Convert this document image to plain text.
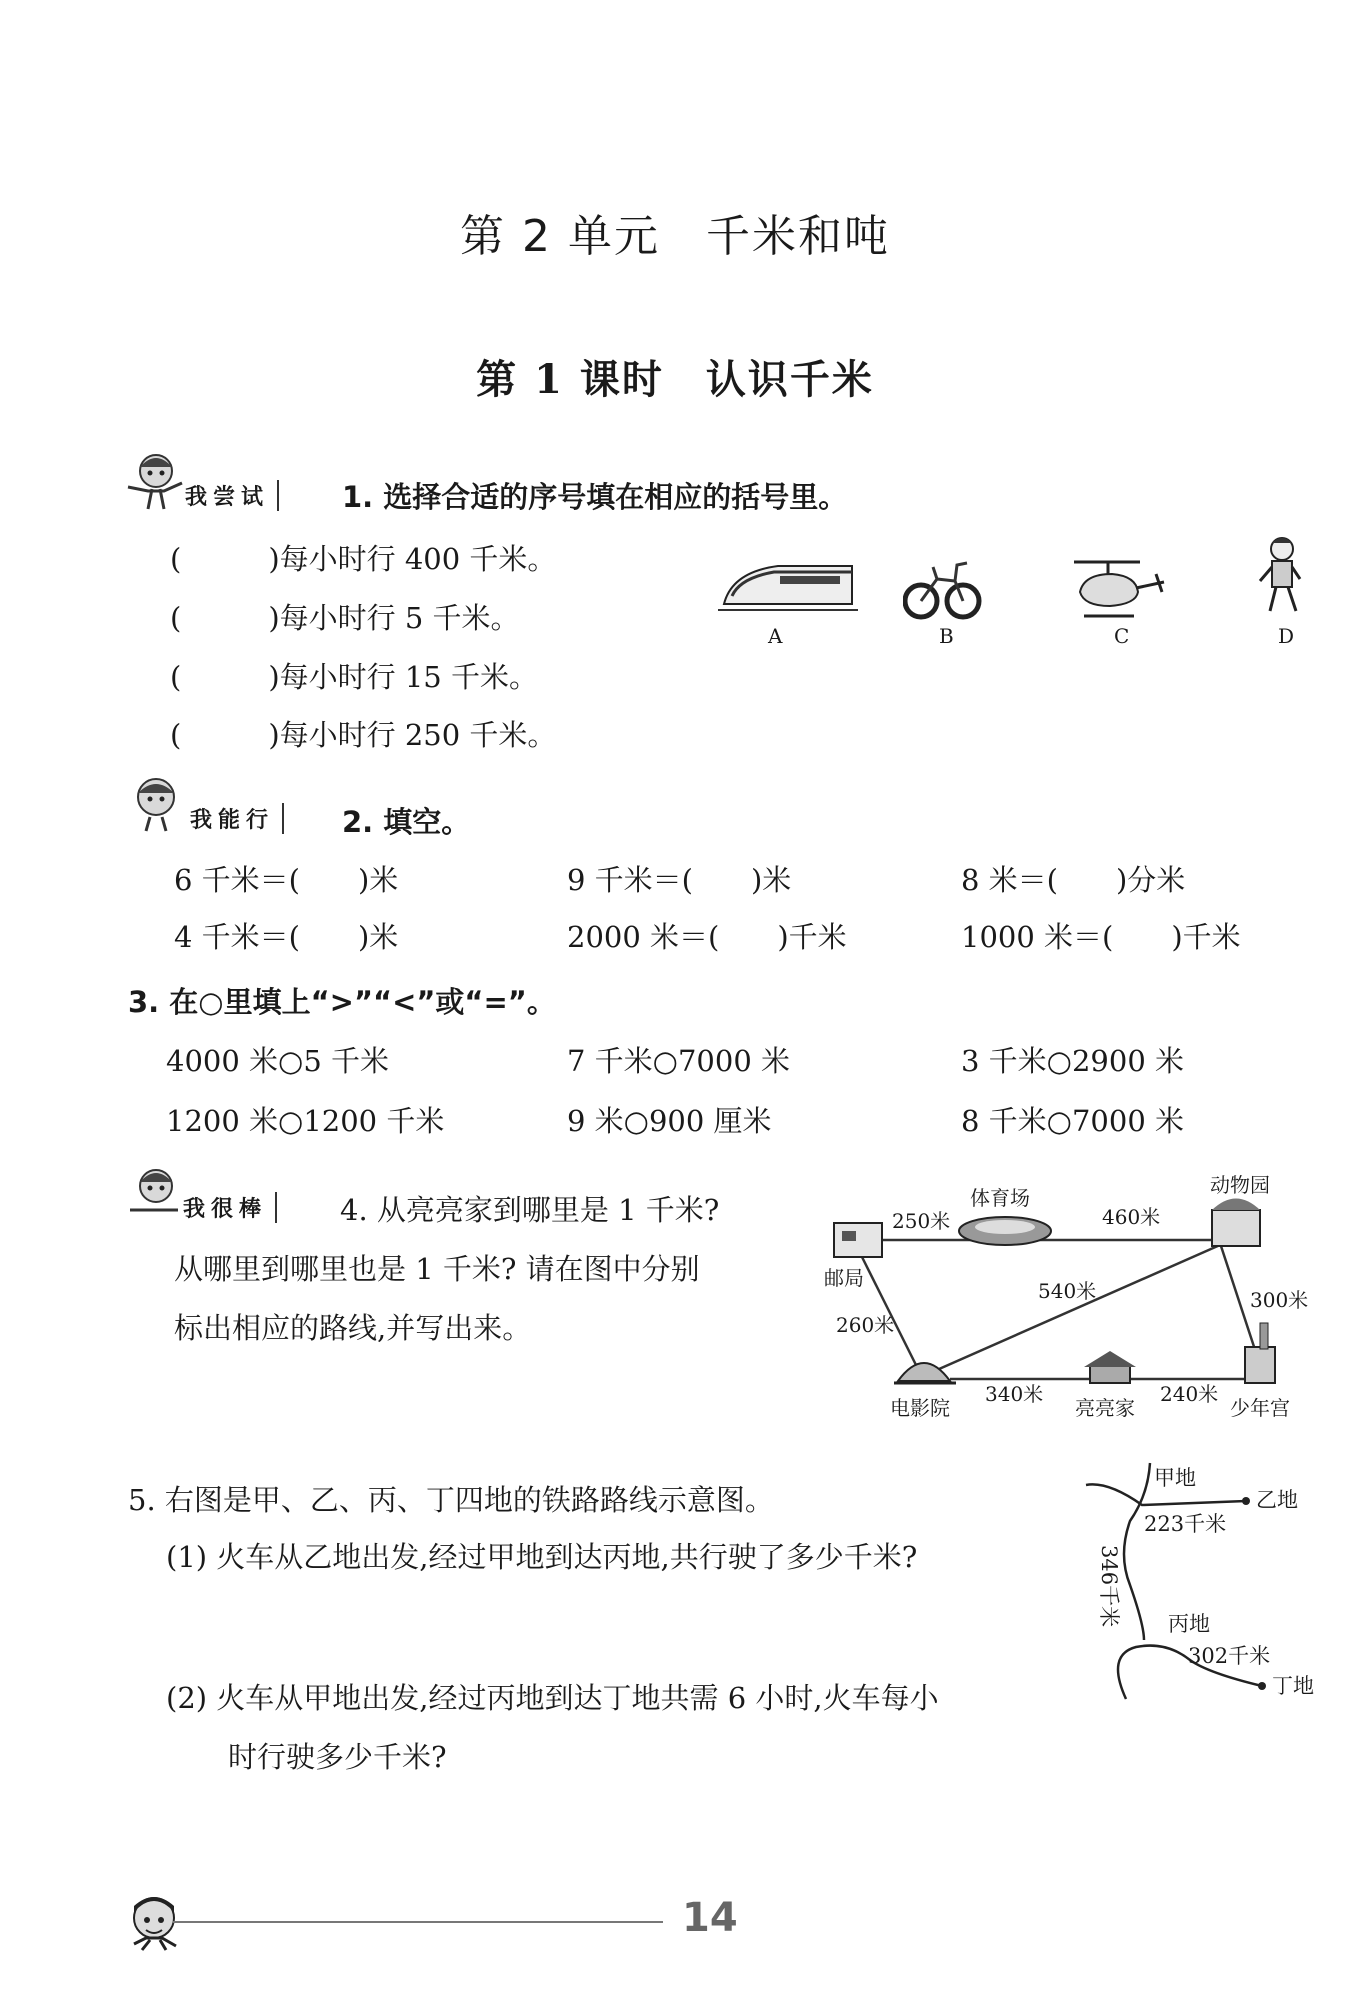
第 2 单元　千米和吨
第 1 课时　认识千米
我尝试	1. 选择合适的序号填在相应的括号里。
(　　　)每小时行 400 千米。
(　　　)每小时行 5 千米。
(　　　)每小时行 15 千米。
(　　　)每小时行 250 千米。
A	B	C	D
我能行	2. 填空。
6 千米＝(　　)米	9 千米＝(　　)米	8 米＝(　　)分米
4 千米＝(　　)米	2000 米＝(　　)千米	1000 米＝(　　)千米
3. 在○里填上“>”“<”或“=”。
4000 米○5 千米	7 千米○7000 米	3 千米○2900 米
1200 米○1200 千米	9 米○900 厘米	8 千米○7000 米
我很棒	4. 从亮亮家到哪里是 1 千米?
从哪里到哪里也是 1 千米? 请在图中分别
标出相应的路线,并写出来。
体育场
动物园
邮局
电影院	亮亮家	少年宫
250米	460米
540米	300米
260米
340米	240米
5. 右图是甲、乙、丙、丁四地的铁路路线示意图。
(1) 火车从乙地出发,经过甲地到达丙地,共行驶了多少千米?
(2) 火车从甲地出发,经过丙地到达丁地共需 6 小时,火车每小
时行驶多少千米?
甲地
乙地
丙地
丁地
223千米
302千米
346千米
14
